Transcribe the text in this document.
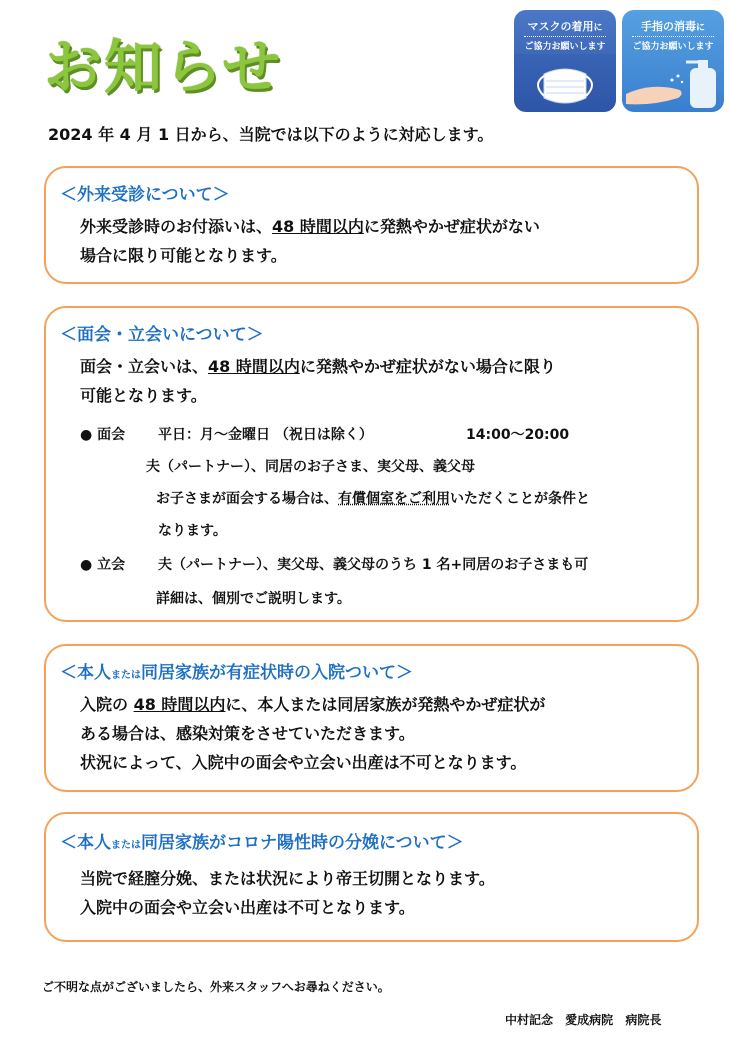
お知らせ
マスクの着用に
ご協力お願いします
手指の消毒に
ご協力お願いします
2024 年 4 月 1 日から、当院では以下のように対応します。
＜外来受診について＞
外来受診時のお付添いは、48 時間以内に発熱やかぜ症状がない
場合に限り可能となります。
＜面会・立会いについて＞
面会・立会いは、48 時間以内に発熱やかぜ症状がない場合に限り
可能となります。
● 面会 平日：月～金曜日 （祝日は除く）	14:00～20:00
夫（パートナー）、同居のお子さま、実父母、義父母
お子さまが面会する場合は、有償個室をご利用いただくことが条件と
なります。
● 立会 夫（パートナー）、実父母、義父母のうち 1 名+同居のお子さまも可
詳細は、個別でご説明します。
＜本人または同居家族が有症状時の入院ついて＞
入院の 48 時間以内に、本人または同居家族が発熱やかぜ症状が
ある場合は、感染対策をさせていただきます。
状況によって、入院中の面会や立会い出産は不可となります。
＜本人または同居家族がコロナ陽性時の分娩について＞
当院で経膣分娩、または状況により帝王切開となります。
入院中の面会や立会い出産は不可となります。
ご不明な点がございましたら、外来スタッフへお尋ねください。
中村記念 愛成病院 病院長
